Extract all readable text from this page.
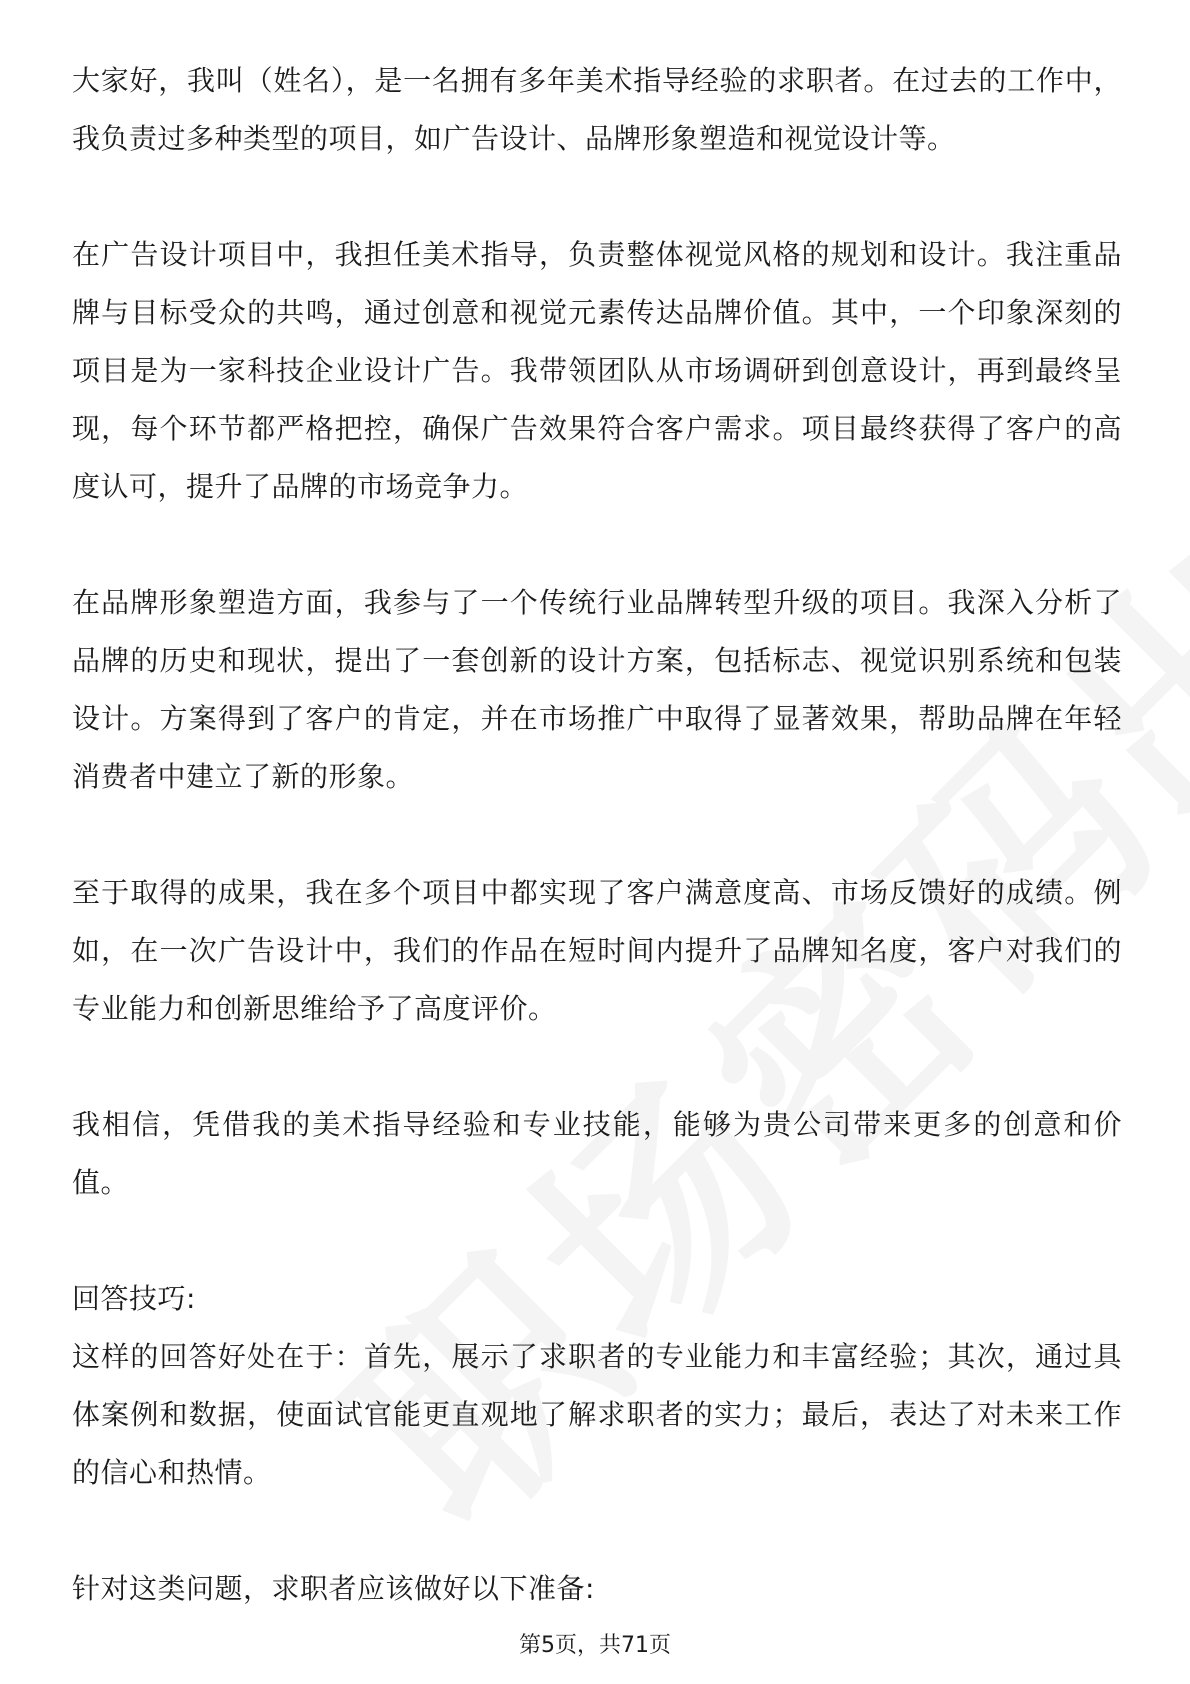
大家好，我叫（姓名），是一名拥有多年美术指导经验的求职者。在过去的工作中，我负责过多种类型的项目，如广告设计、品牌形象塑造和视觉设计等。

在广告设计项目中，我担任美术指导，负责整体视觉风格的规划和设计。我注重品牌与目标受众的共鸣，通过创意和视觉元素传达品牌价值。其中，一个印象深刻的项目是为一家科技企业设计广告。我带领团队从市场调研到创意设计，再到最终呈现，每个环节都严格把控，确保广告效果符合客户需求。项目最终获得了客户的高度认可，提升了品牌的市场竞争力。

在品牌形象塑造方面，我参与了一个传统行业品牌转型升级的项目。我深入分析了品牌的历史和现状，提出了一套创新的设计方案，包括标志、视觉识别系统和包装设计。方案得到了客户的肯定，并在市场推广中取得了显著效果，帮助品牌在年轻消费者中建立了新的形象。

至于取得的成果，我在多个项目中都实现了客户满意度高、市场反馈好的成绩。例如，在一次广告设计中，我们的作品在短时间内提升了品牌知名度，客户对我们的专业能力和创新思维给予了高度评价。

我相信，凭借我的美术指导经验和专业技能，能够为贵公司带来更多的创意和价值。

回答技巧:

这样的回答好处在于：首先，展示了求职者的专业能力和丰富经验；其次，通过具体案例和数据，使面试官能更直观地了解求职者的实力；最后，表达了对未来工作的信心和热情。

针对这类问题，求职者应该做好以下准备:

第5页，共71页
